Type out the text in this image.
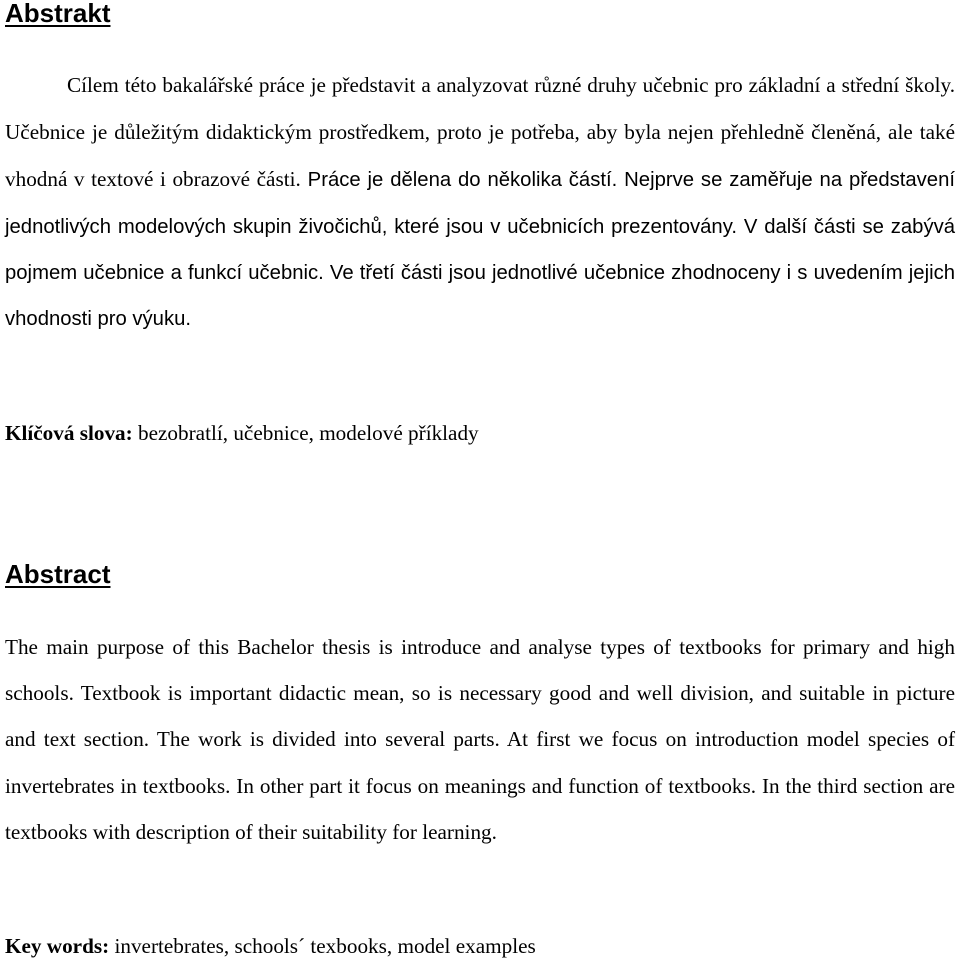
Abstrakt

Cílem této bakalářské práce je představit a analyzovat různé druhy učebnic pro základní a střední školy. Učebnice je důležitým didaktickým prostředkem, proto je potřeba, aby byla nejen přehledně členěná, ale také vhodná v textové i obrazové části. Práce je dělena do několika částí. Nejprve se zaměřuje na představení jednotlivých modelových skupin živočichů, které jsou v učebnicích prezentovány. V další části se zabývá pojmem učebnice a funkcí učebnic. Ve třetí části jsou jednotlivé učebnice zhodnoceny i s uvedením jejich vhodnosti pro výuku.

Klíčová slova: bezobratlí, učebnice, modelové příklady
Abstract

The main purpose of this Bachelor thesis is introduce and analyse types of textbooks for primary and high schools. Textbook is important didactic mean, so is necessary good and well division, and suitable in picture and text section. The work is divided into several parts. At first we focus on introduction model species of invertebrates in textbooks. In other part it focus on meanings and function of textbooks. In the third section are textbooks with description of their suitability for learning.

Key words: invertebrates, schools´ texbooks, model examples
